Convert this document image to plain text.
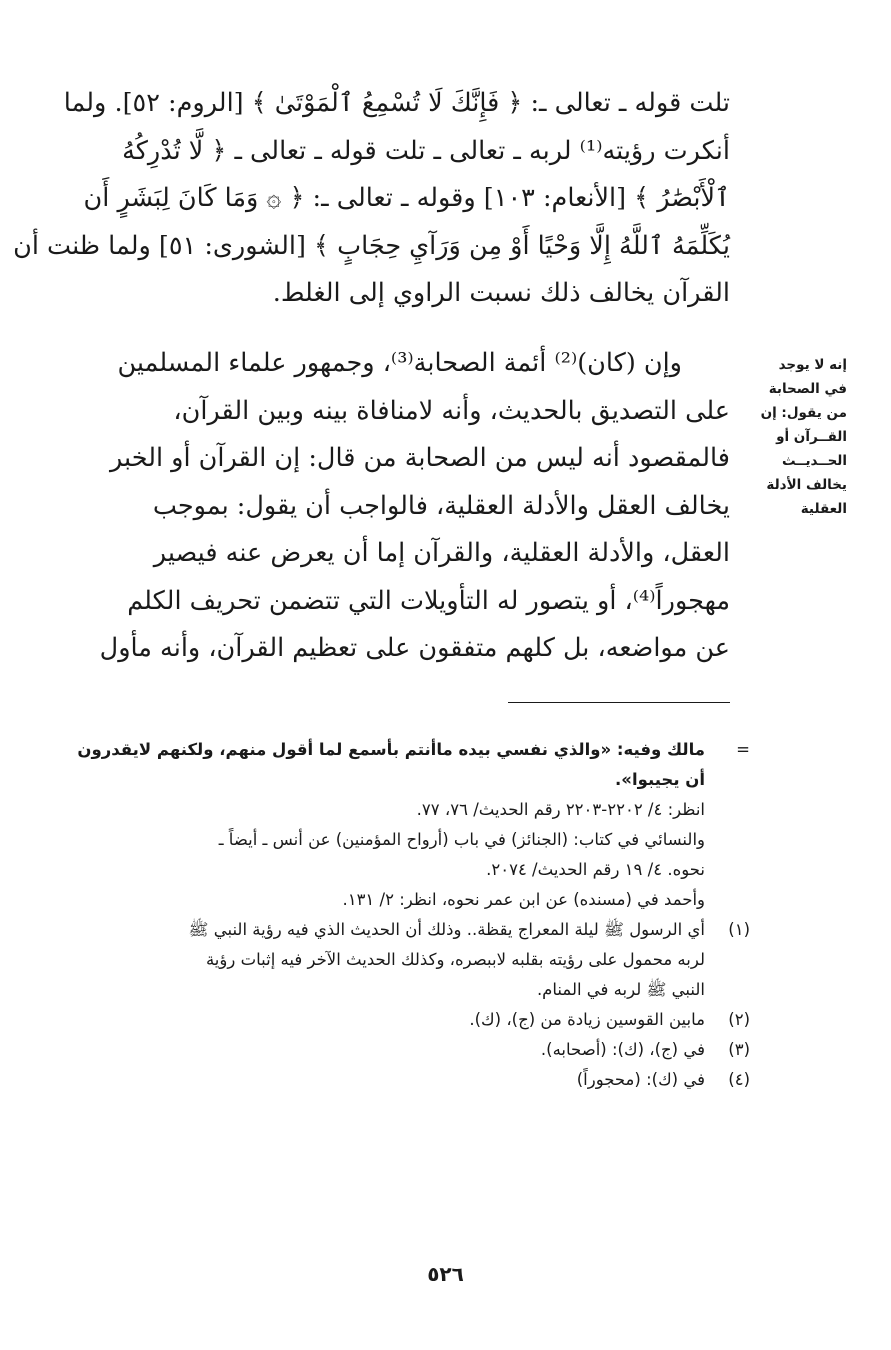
تلت قوله ـ تعالى ـ: ﴿ فَإِنَّكَ لَا تُسْمِعُ ٱلْمَوْتَىٰ ﴾ [الروم: ٥٢]. ولما
أنكرت رؤيته⁽¹⁾ لربه ـ تعالى ـ تلت قوله ـ تعالى ـ ﴿ لَّا تُدْرِكُهُ
ٱلْأَبْصَٰرُ ﴾ [الأنعام: ١٠٣] وقوله ـ تعالى ـ: ﴿ ۞ وَمَا كَانَ لِبَشَرٍ أَن
يُكَلِّمَهُ ٱللَّهُ إِلَّا وَحْيًا أَوْ مِن وَرَآيِ حِجَابٍ ﴾ [الشورى: ٥١] ولما ظنت أن
القرآن يخالف ذلك نسبت الراوي إلى الغلط.
وإن (كان)⁽²⁾ أئمة الصحابة⁽³⁾، وجمهور علماء المسلمين
على التصديق بالحديث، وأنه لامنافاة بينه وبين القرآن،
فالمقصود أنه ليس من الصحابة من قال: إن القرآن أو الخبر
يخالف العقل والأدلة العقلية، فالواجب أن يقول: بموجب
العقل، والأدلة العقلية، والقرآن إما أن يعرض عنه فيصير
مهجوراً⁽⁴⁾، أو يتصور له التأويلات التي تتضمن تحريف الكلم
عن مواضعه، بل كلهم متفقون على تعظيم القرآن، وأنه مأول
إنه لا يوجد
في الصحابة
من يقول: إن
القــرآن أو
الحــديــث
يخالف الأدلة
العقلية
=
مالك وفيه: «والذي نفسي بيده ماأنتم بأسمع لما أقول منهم، ولكنهم لايقدرون
أن يجيبوا».
انظر: ٤/ ٢٢٠٢-٢٢٠٣ رقم الحديث/ ٧٦، ٧٧.
والنسائي في كتاب: (الجنائز) في باب (أرواح المؤمنين) عن أنس ـ أيضاً ـ
نحوه. ٤/ ١٩ رقم الحديث/ ٢٠٧٤.
وأحمد في (مسنده) عن ابن عمر نحوه، انظر: ٢/ ١٣١.
(١)
أي الرسول ﷺ ليلة المعراج يقظة.. وذلك أن الحديث الذي فيه رؤية النبي ﷺ
لربه محمول على رؤيته بقلبه لاببصره، وكذلك الحديث الآخر فيه إثبات رؤية
النبي ﷺ لربه في المنام.
(٢)
مابين القوسين زيادة من (ج)، (ك).
(٣)
في (ج)، (ك): (أصحابه).
(٤)
في (ك): (محجوراً)
٥٢٦
